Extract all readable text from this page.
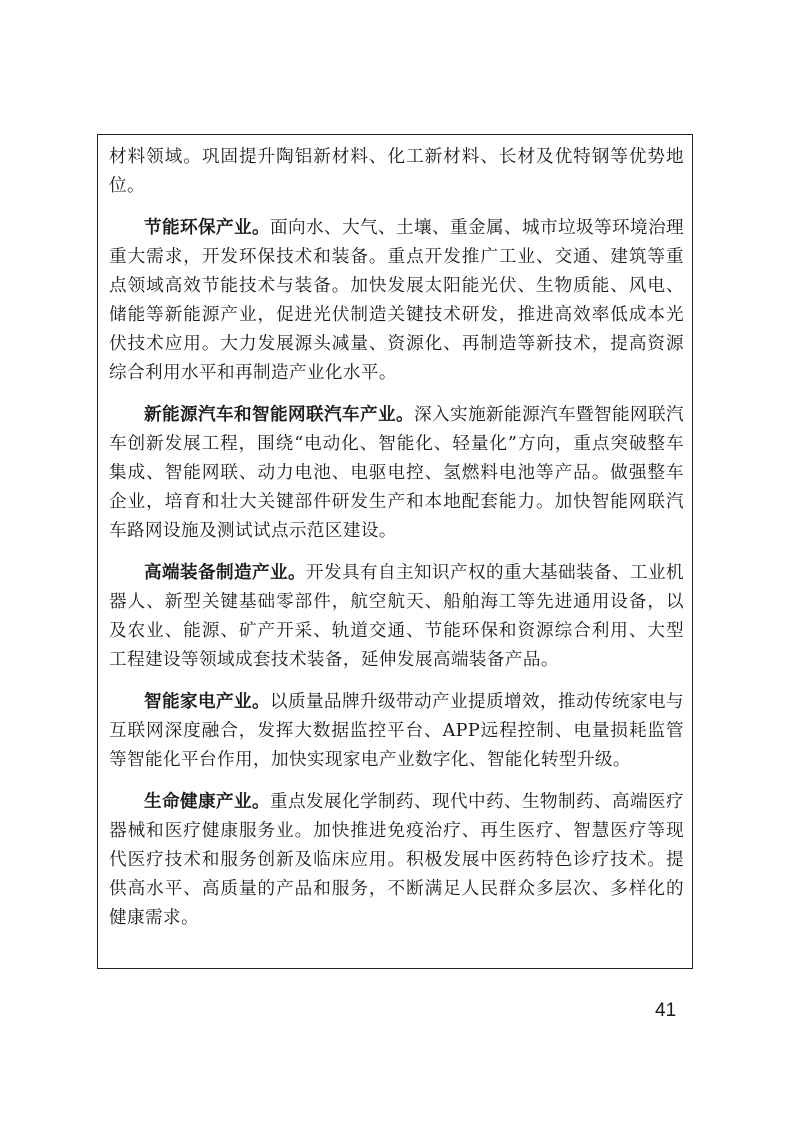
材料领域。巩固提升陶铝新材料、化工新材料、长材及优特钢等优势地位。

节能环保产业。面向水、大气、土壤、重金属、城市垃圾等环境治理重大需求，开发环保技术和装备。重点开发推广工业、交通、建筑等重点领域高效节能技术与装备。加快发展太阳能光伏、生物质能、风电、储能等新能源产业，促进光伏制造关键技术研发，推进高效率低成本光伏技术应用。大力发展源头减量、资源化、再制造等新技术，提高资源综合利用水平和再制造产业化水平。

新能源汽车和智能网联汽车产业。深入实施新能源汽车暨智能网联汽车创新发展工程，围绕“电动化、智能化、轻量化”方向，重点突破整车集成、智能网联、动力电池、电驱电控、氢燃料电池等产品。做强整车企业，培育和壮大关键部件研发生产和本地配套能力。加快智能网联汽车路网设施及测试试点示范区建设。

高端装备制造产业。开发具有自主知识产权的重大基础装备、工业机器人、新型关键基础零部件，航空航天、船舶海工等先进通用设备，以及农业、能源、矿产开采、轨道交通、节能环保和资源综合利用、大型工程建设等领域成套技术装备，延伸发展高端装备产品。

智能家电产业。以质量品牌升级带动产业提质增效，推动传统家电与互联网深度融合，发挥大数据监控平台、APP远程控制、电量损耗监管等智能化平台作用，加快实现家电产业数字化、智能化转型升级。

生命健康产业。重点发展化学制药、现代中药、生物制药、高端医疗器械和医疗健康服务业。加快推进免疫治疗、再生医疗、智慧医疗等现代医疗技术和服务创新及临床应用。积极发展中医药特色诊疗技术。提供高水平、高质量的产品和服务，不断满足人民群众多层次、多样化的健康需求。

41
